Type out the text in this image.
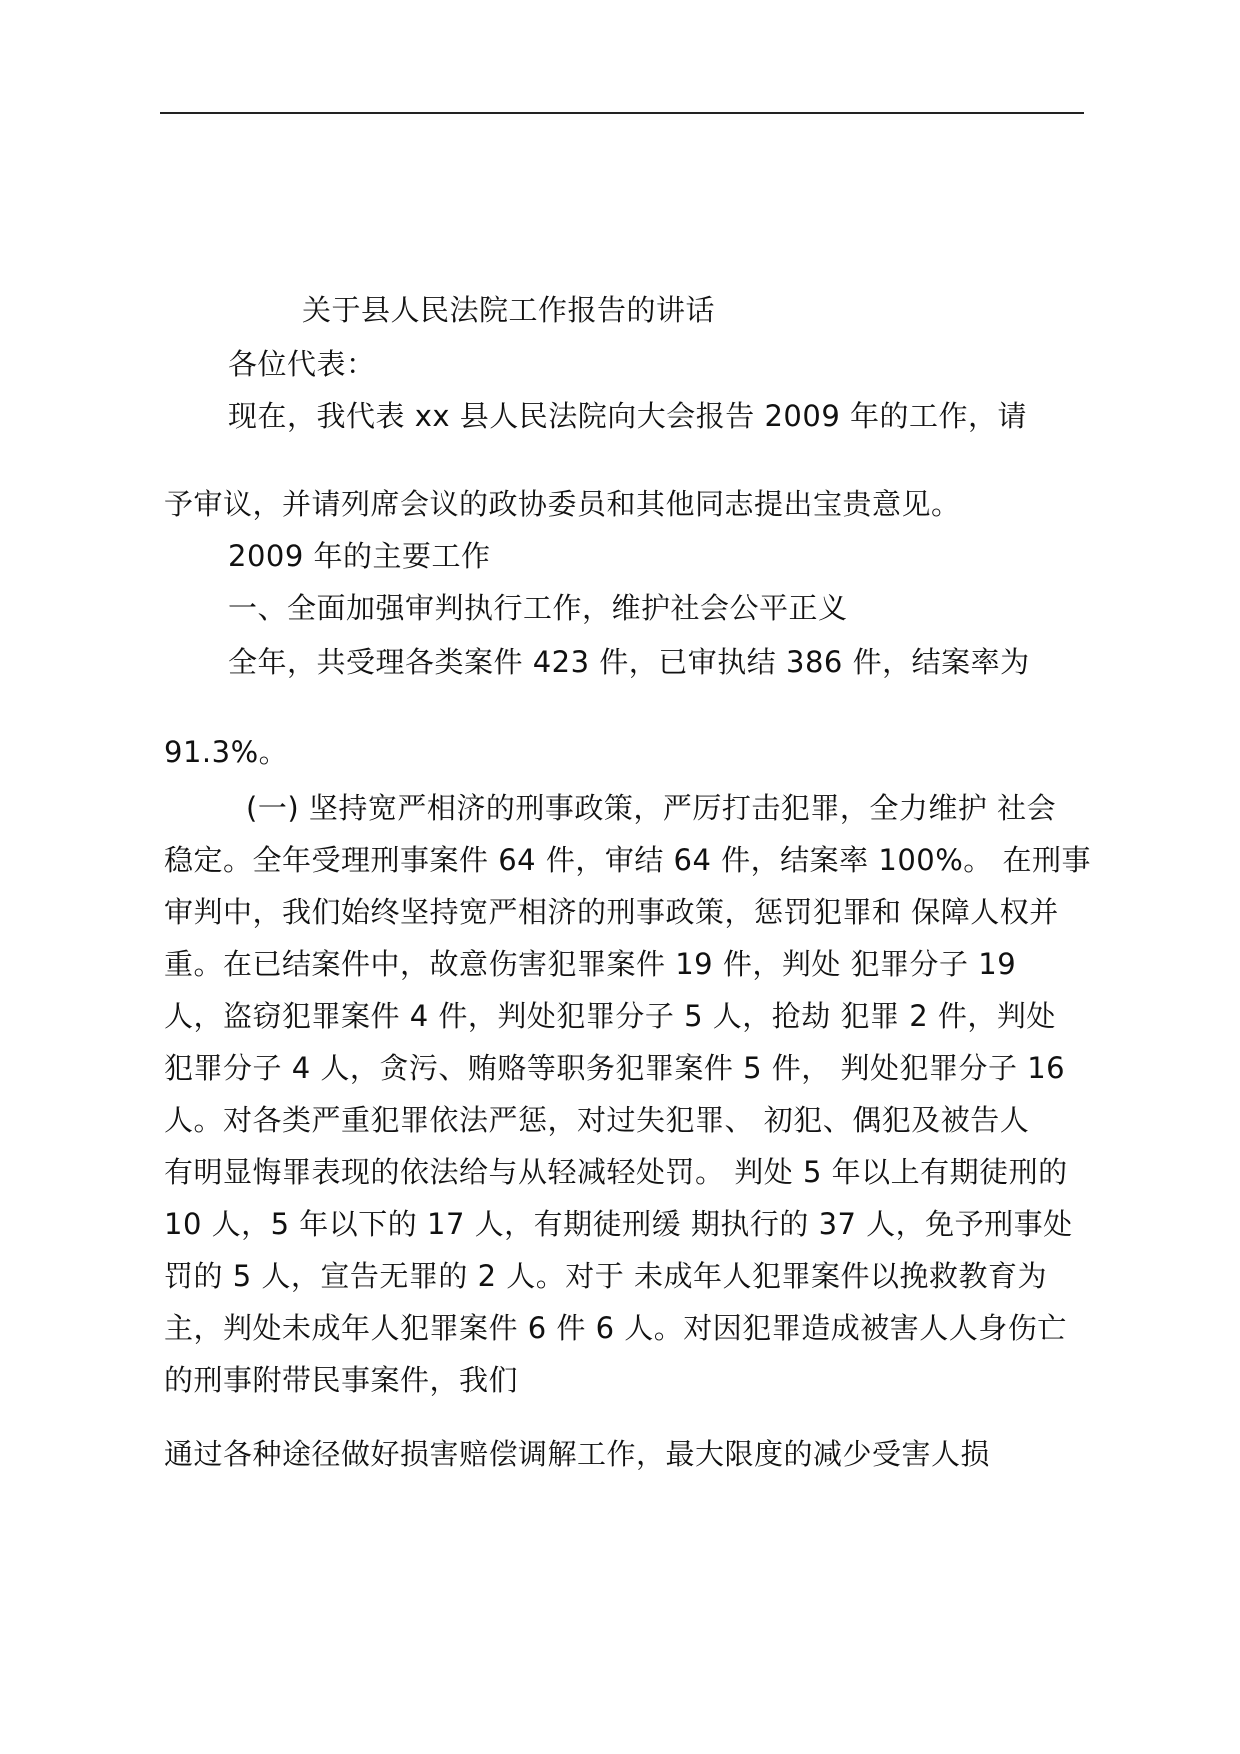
关于县人民法院工作报告的讲话
各位代表：
现在，我代表 xx 县人民法院向大会报告 2009 年的工作，请
予审议，并请列席会议的政协委员和其他同志提出宝贵意见。
2009 年的主要工作
一、全面加强审判执行工作，维护社会公平正义
全年，共受理各类案件 423 件，已审执结 386 件，结案率为
91.3%。
(一) 坚持宽严相济的刑事政策，严厉打击犯罪，全力维护 社会
稳定。全年受理刑事案件 64 件，审结 64 件，结案率 100%。 在刑事
审判中，我们始终坚持宽严相济的刑事政策，惩罚犯罪和 保障人权并
重。在已结案件中，故意伤害犯罪案件 19 件，判处 犯罪分子 19
人，盗窃犯罪案件 4 件，判处犯罪分子 5 人，抢劫 犯罪 2 件，判处
犯罪分子 4 人，贪污、贿赂等职务犯罪案件 5 件， 判处犯罪分子 16
人。对各类严重犯罪依法严惩，对过失犯罪、 初犯、偶犯及被告人
有明显悔罪表现的依法给与从轻减轻处罚。 判处 5 年以上有期徒刑的
10 人，5 年以下的 17 人，有期徒刑缓 期执行的 37 人，免予刑事处
罚的 5 人，宣告无罪的 2 人。对于 未成年人犯罪案件以挽救教育为
主，判处未成年人犯罪案件 6 件 6 人。对因犯罪造成被害人人身伤亡
的刑事附带民事案件，我们
通过各种途径做好损害赔偿调解工作，最大限度的减少受害人损
